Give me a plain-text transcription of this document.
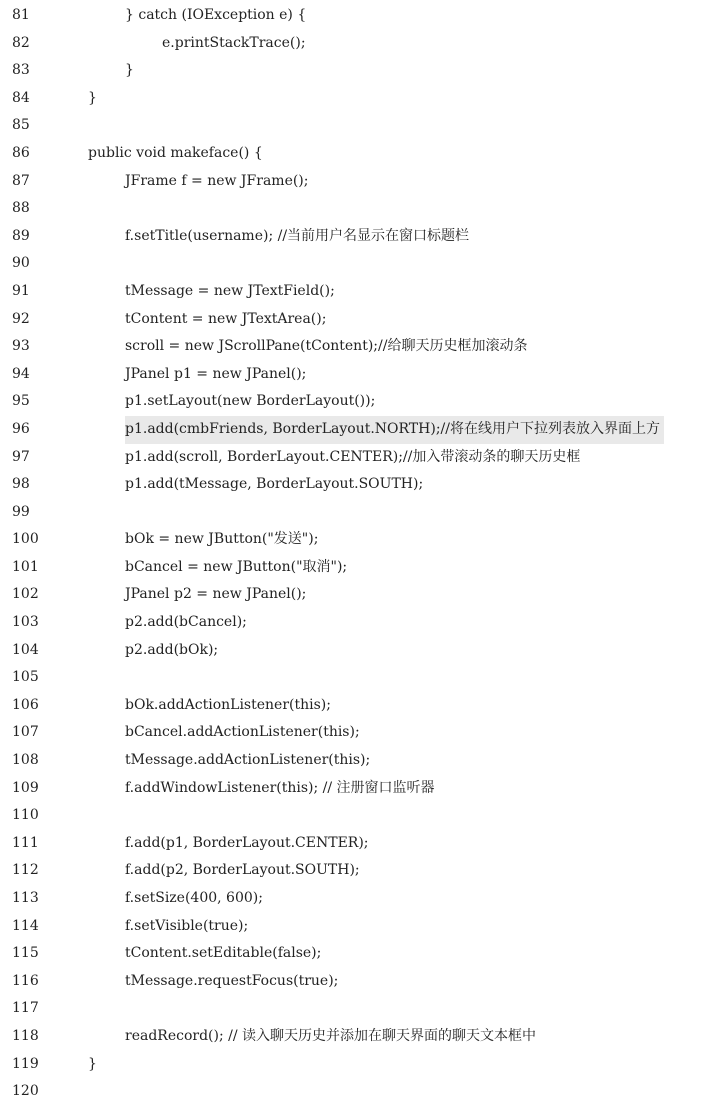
81	} catch (IOException e) {
82	e.printStackTrace();
83	}
84	}
85
86	public void makeface() {
87	JFrame f = new JFrame();
88
89	f.setTitle(username); //当前用户名显示在窗口标题栏
90
91	tMessage = new JTextField();
92	tContent = new JTextArea();
93	scroll = new JScrollPane(tContent);//给聊天历史框加滚动条
94	JPanel p1 = new JPanel();
95	p1.setLayout(new BorderLayout());
96	p1.add(cmbFriends, BorderLayout.NORTH);//将在线用户下拉列表放入界面上方
97	p1.add(scroll, BorderLayout.CENTER);//加入带滚动条的聊天历史框
98	p1.add(tMessage, BorderLayout.SOUTH);
99
100	bOk = new JButton("发送");
101	bCancel = new JButton("取消");
102	JPanel p2 = new JPanel();
103	p2.add(bCancel);
104	p2.add(bOk);
105
106	bOk.addActionListener(this);
107	bCancel.addActionListener(this);
108	tMessage.addActionListener(this);
109	f.addWindowListener(this); // 注册窗口监听器
110
111	f.add(p1, BorderLayout.CENTER);
112	f.add(p2, BorderLayout.SOUTH);
113	f.setSize(400, 600);
114	f.setVisible(true);
115	tContent.setEditable(false);
116	tMessage.requestFocus(true);
117
118	readRecord(); // 读入聊天历史并添加在聊天界面的聊天文本框中
119	}
120
